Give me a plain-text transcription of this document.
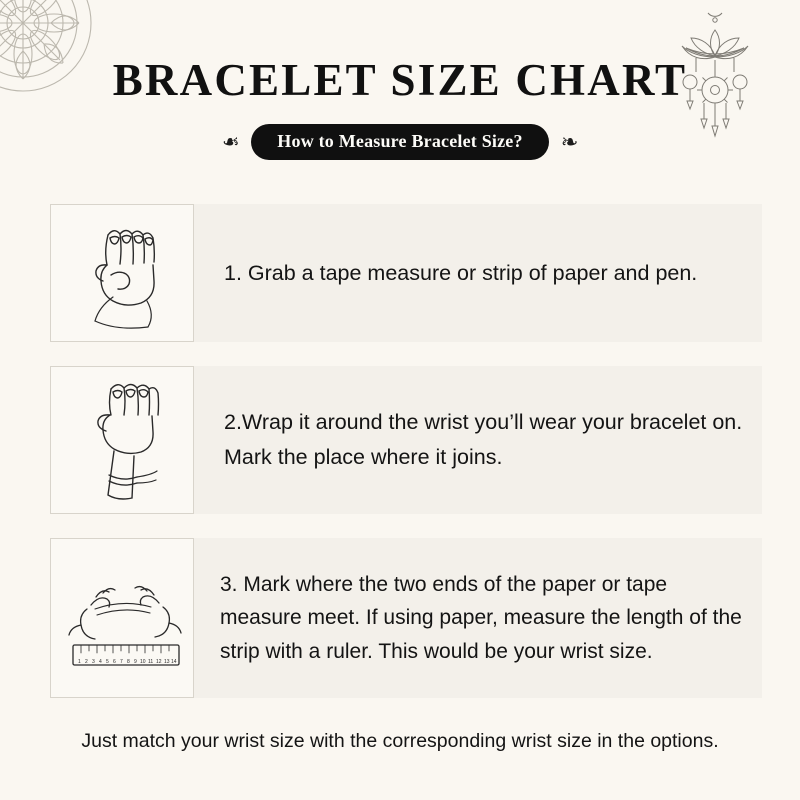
BRACELET SIZE CHART
❧	How to Measure Bracelet Size?	❧
1. Grab a tape measure or strip of paper and pen.
2.Wrap it around the wrist you’ll wear your bracelet on. Mark the place where it joins.
1 2 3 4 5 6 7 8 9 10 11 12 13 14
3. Mark where the two ends of the paper or tape measure meet. If using paper, measure the length of the strip with a ruler. This would be your wrist size.
Just match your wrist size with the corresponding wrist size in the options.
